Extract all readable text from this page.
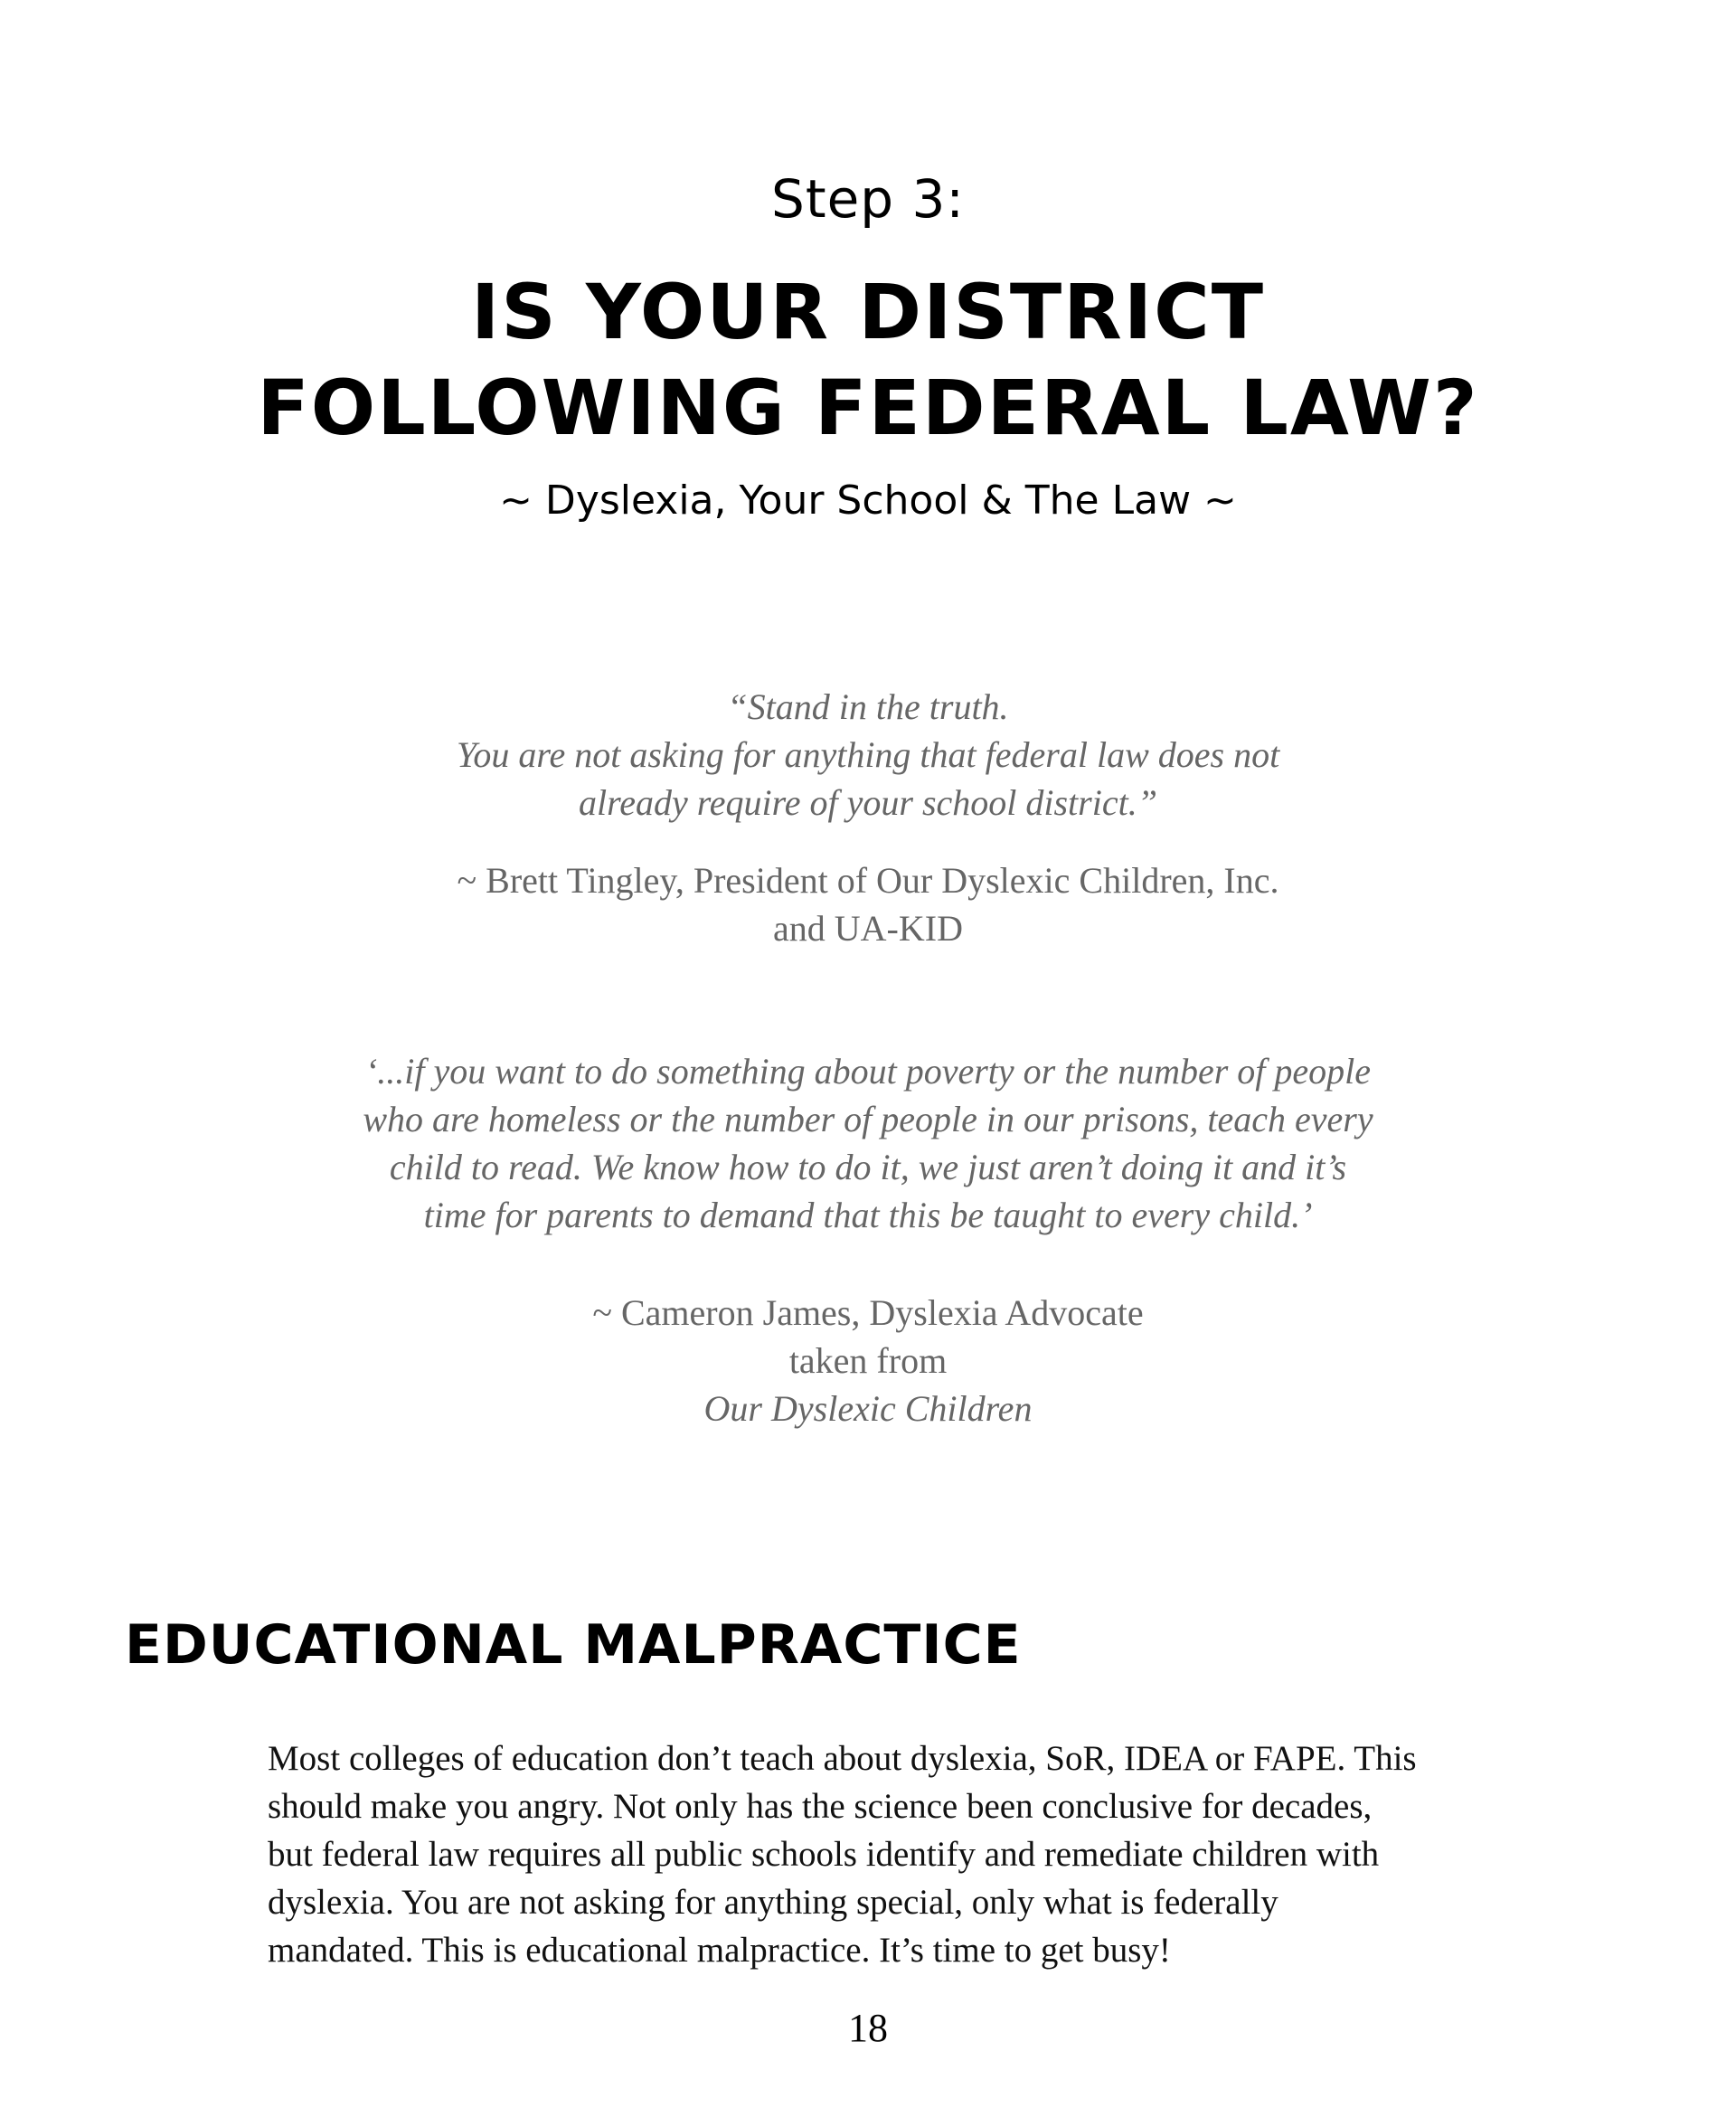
Step 3:
IS YOUR DISTRICT
FOLLOWING FEDERAL LAW?
~ Dyslexia, Your School & The Law ~
“Stand in the truth.
You are not asking for anything that federal law does not
already require of your school district.”
~ Brett Tingley, President of Our Dyslexic Children, Inc.
and UA-KID
‘...if you want to do something about poverty or the number of people
who are homeless or the number of people in our prisons, teach every
child to read. We know how to do it, we just aren’t doing it and it’s
time for parents to demand that this be taught to every child.’
~ Cameron James, Dyslexia Advocate
taken from
Our Dyslexic Children
EDUCATIONAL MALPRACTICE
Most colleges of education don’t teach about dyslexia, SoR, IDEA or FAPE. This
should make you angry. Not only has the science been conclusive for decades,
but federal law requires all public schools identify and remediate children with
dyslexia. You are not asking for anything special, only what is federally
mandated. This is educational malpractice. It’s time to get busy!
18
